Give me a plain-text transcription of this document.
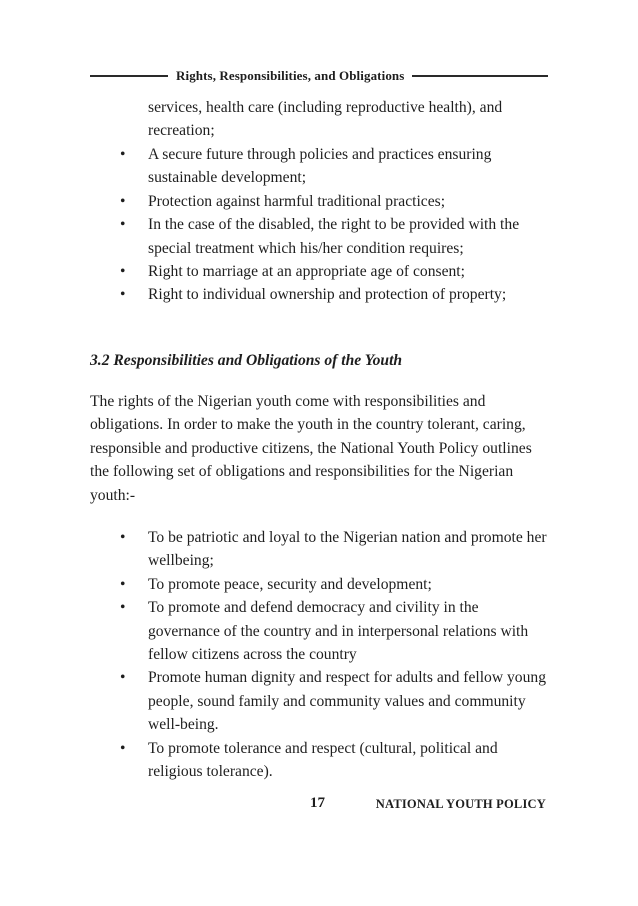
Rights, Responsibilities, and Obligations
services, health care (including reproductive health), and recreation;
• A secure future through policies and practices ensuring sustainable development;
• Protection against harmful traditional practices;
• In the case of the disabled, the right to be provided with the special treatment which his/her condition requires;
• Right to marriage at an appropriate age of consent;
• Right to individual ownership and protection of property;
3.2 Responsibilities and Obligations of the Youth
The rights of the Nigerian youth come with responsibilities and obligations. In order to make the youth in the country tolerant, caring, responsible and productive citizens, the National Youth Policy outlines the following set of obligations and responsibilities for the Nigerian youth:-
• To be patriotic and loyal to the Nigerian nation and promote her wellbeing;
• To promote peace, security and development;
• To promote and defend democracy and civility in the governance of the country and in interpersonal relations with fellow citizens across the country
• Promote human dignity and respect for adults and fellow young people, sound family and community values and community well-being.
• To promote tolerance and respect (cultural, political and religious tolerance).
17	NATIONAL YOUTH POLICY
